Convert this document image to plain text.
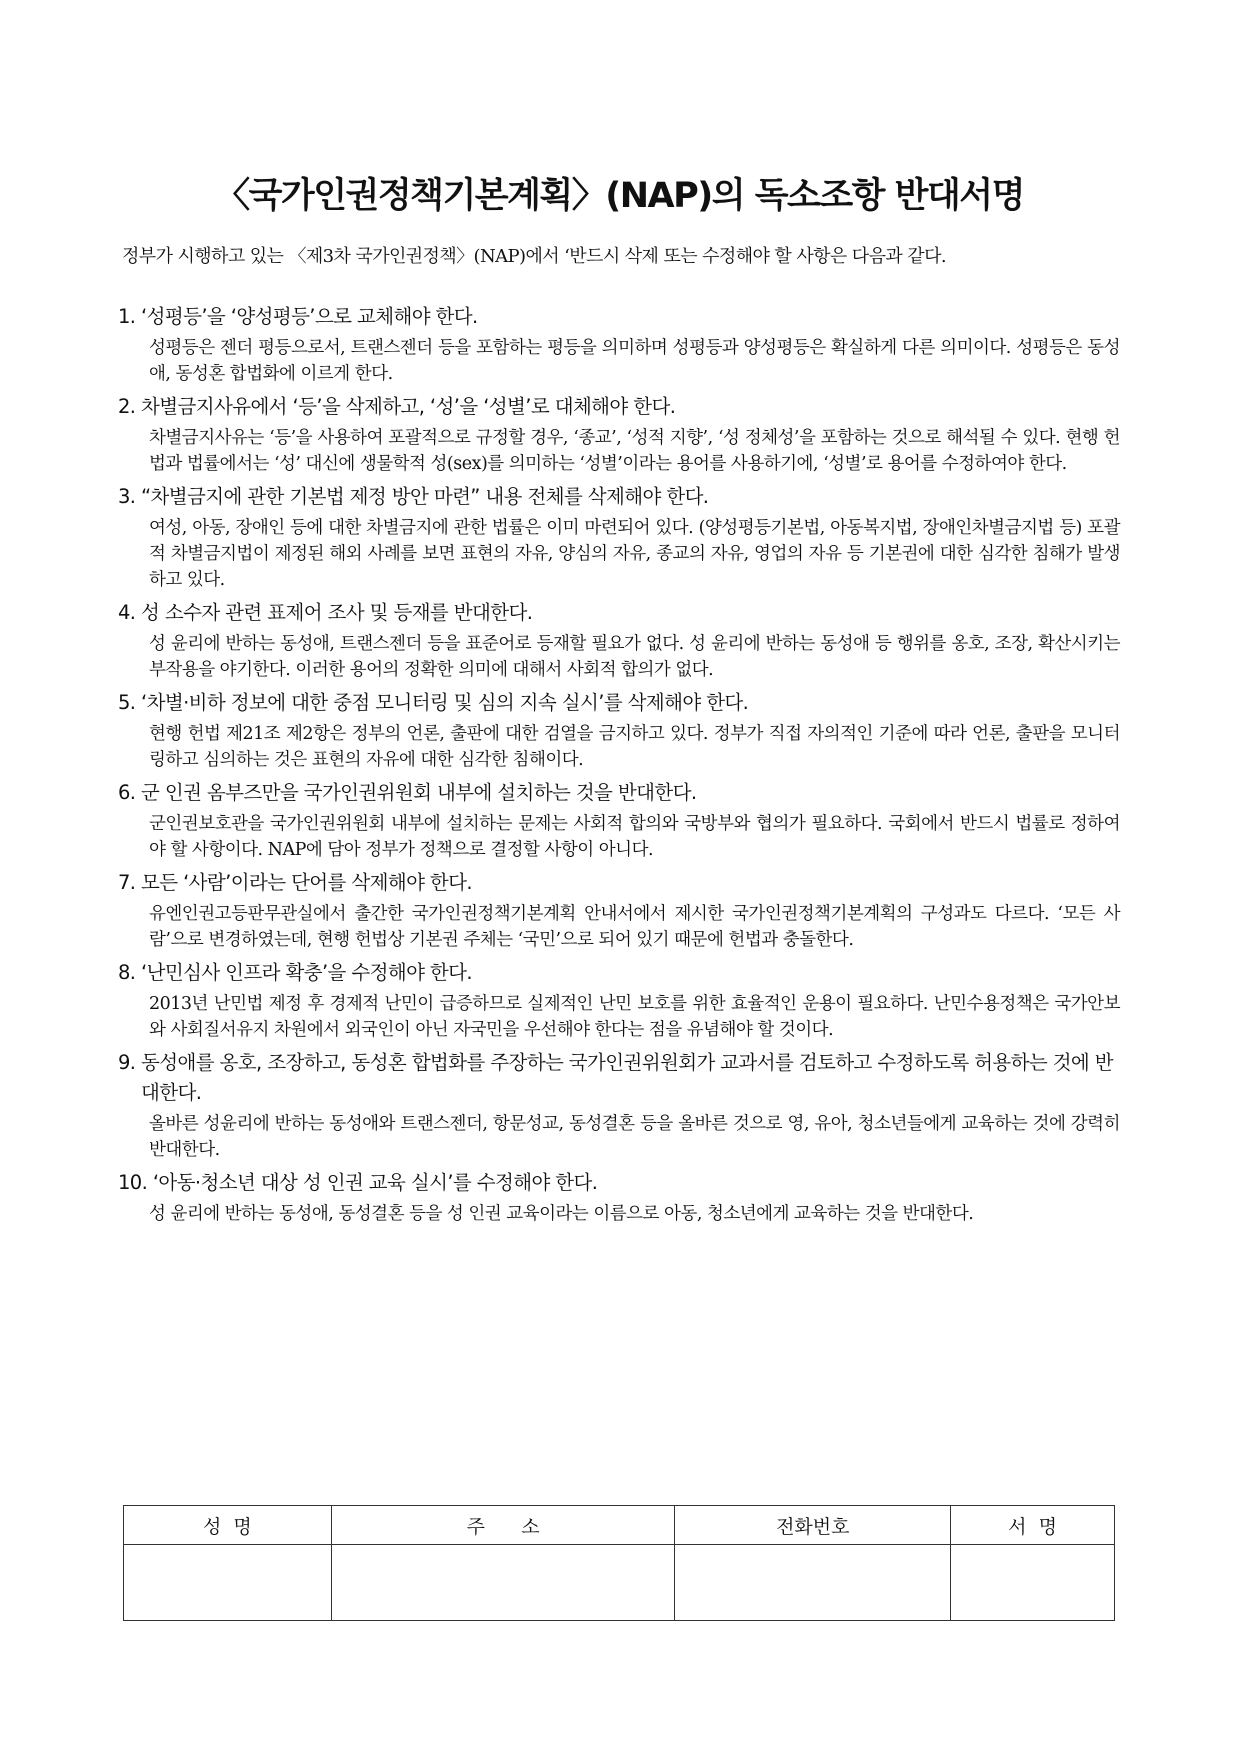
〈국가인권정책기본계획〉(NAP)의 독소조항 반대서명
정부가 시행하고 있는 〈제3차 국가인권정책〉(NAP)에서 ‘반드시 삭제 또는 수정해야 할 사항은 다음과 같다.
1. ‘성평등’을 ‘양성평등’으로 교체해야 한다.
성평등은 젠더 평등으로서, 트랜스젠더 등을 포함하는 평등을 의미하며 성평등과 양성평등은 확실하게 다른 의미이다. 성평등은 동성애, 동성혼 합법화에 이르게 한다.
2. 차별금지사유에서 ‘등’을 삭제하고, ‘성’을 ‘성별’로 대체해야 한다.
차별금지사유는 ‘등’을 사용하여 포괄적으로 규정할 경우, ‘종교’, ‘성적 지향’, ‘성 정체성’을 포함하는 것으로 해석될 수 있다. 현행 헌법과 법률에서는 ‘성’ 대신에 생물학적 성(sex)를 의미하는 ‘성별’이라는 용어를 사용하기에, ‘성별’로 용어를 수정하여야 한다.
3. “차별금지에 관한 기본법 제정 방안 마련” 내용 전체를 삭제해야 한다.
여성, 아동, 장애인 등에 대한 차별금지에 관한 법률은 이미 마련되어 있다. (양성평등기본법, 아동복지법, 장애인차별금지법 등) 포괄적 차별금지법이 제정된 해외 사례를 보면 표현의 자유, 양심의 자유, 종교의 자유, 영업의 자유 등 기본권에 대한 심각한 침해가 발생하고 있다.
4. 성 소수자 관련 표제어 조사 및 등재를 반대한다.
성 윤리에 반하는 동성애, 트랜스젠더 등을 표준어로 등재할 필요가 없다. 성 윤리에 반하는 동성애 등 행위를 옹호, 조장, 확산시키는 부작용을 야기한다. 이러한 용어의 정확한 의미에 대해서 사회적 합의가 없다.
5. ‘차별·비하 정보에 대한 중점 모니터링 및 심의 지속 실시’를 삭제해야 한다.
현행 헌법 제21조 제2항은 정부의 언론, 출판에 대한 검열을 금지하고 있다. 정부가 직접 자의적인 기준에 따라 언론, 출판을 모니터링하고 심의하는 것은 표현의 자유에 대한 심각한 침해이다.
6. 군 인권 옴부즈만을 국가인권위원회 내부에 설치하는 것을 반대한다.
군인권보호관을 국가인권위원회 내부에 설치하는 문제는 사회적 합의와 국방부와 협의가 필요하다. 국회에서 반드시 법률로 정하여야 할 사항이다. NAP에 담아 정부가 정책으로 결정할 사항이 아니다.
7. 모든 ‘사람’이라는 단어를 삭제해야 한다.
유엔인권고등판무관실에서 출간한 국가인권정책기본계획 안내서에서 제시한 국가인권정책기본계획의 구성과도 다르다. ‘모든 사람’으로 변경하였는데, 현행 헌법상 기본권 주체는 ‘국민’으로 되어 있기 때문에 헌법과 충돌한다.
8. ‘난민심사 인프라 확충’을 수정해야 한다.
2013년 난민법 제정 후 경제적 난민이 급증하므로 실제적인 난민 보호를 위한 효율적인 운용이 필요하다. 난민수용정책은 국가안보와 사회질서유지 차원에서 외국인이 아닌 자국민을 우선해야 한다는 점을 유념해야 할 것이다.
9. 동성애를 옹호, 조장하고, 동성혼 합법화를 주장하는 국가인권위원회가 교과서를 검토하고 수정하도록 허용하는 것에 반대한다.
올바른 성윤리에 반하는 동성애와 트랜스젠더, 항문성교, 동성결혼 등을 올바른 것으로 영, 유아, 청소년들에게 교육하는 것에 강력히 반대한다.
10. ‘아동·청소년 대상 성 인권 교육 실시’를 수정해야 한다.
성 윤리에 반하는 동성애, 동성결혼 등을 성 인권 교육이라는 이름으로 아동, 청소년에게 교육하는 것을 반대한다.
성  명	주      소	전화번호	서  명
